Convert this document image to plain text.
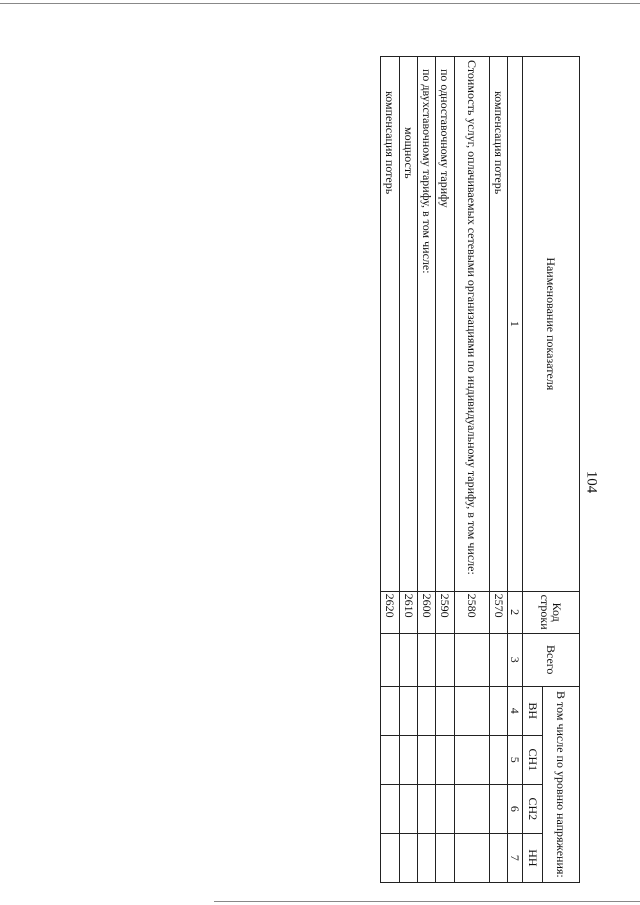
104
Наименование показателя	Код строки	Всего	В том числе по уровню напряжения:			
			ВН	СН1	СН2	НН
1	2	3	4	5	6	7
компенсация потерь	2570					
Стоимость услуг, оплачиваемых сетевыми организациями по индивидуальному тарифу, в том числе:	2580					
по одноставочному тарифу	2590					
по двухставочному тарифу, в том числе:	2600					
мощность	2610					
компенсация потерь	2620					
